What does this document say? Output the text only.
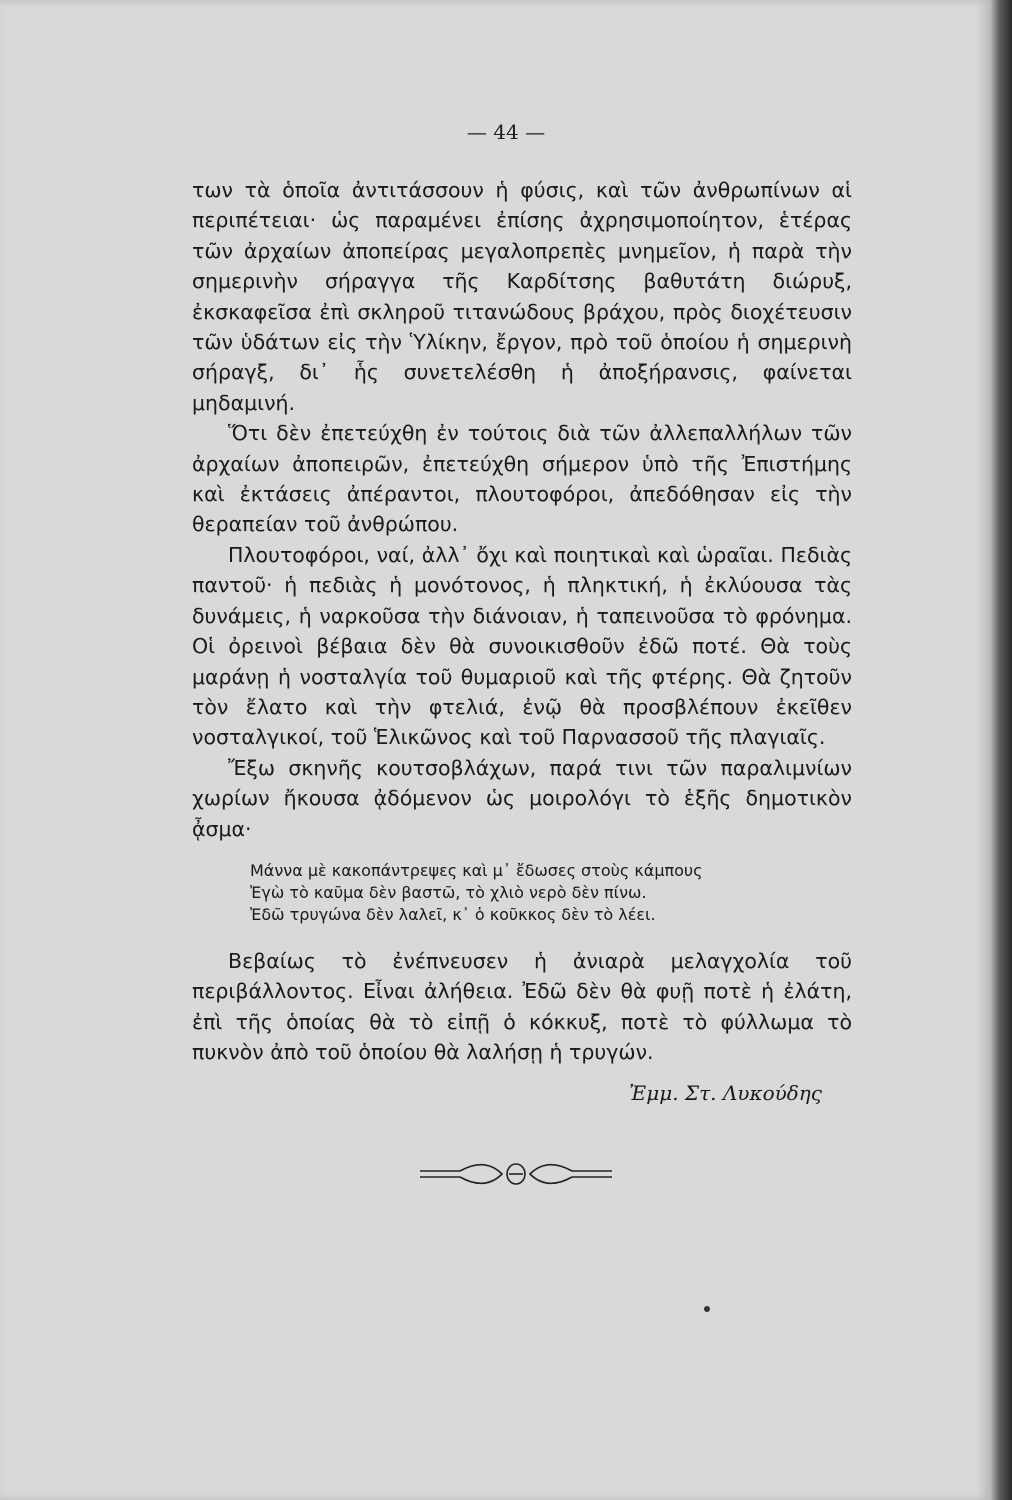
— 44 —

των τὰ ὁποῖα ἀντιτάσσουν ἡ φύσις, καὶ τῶν ἀνθρωπίνων αἱ περιπέτειαι· ὡς παραμένει ἐπίσης ἀχρησιμοποίητον, ἑτέρας τῶν ἀρχαίων ἀποπείρας μεγαλοπρεπὲς μνημεῖον, ἡ παρὰ τὴν σημερινὴν σήραγγα τῆς Καρδίτσης βαθυτάτη διώρυξ, ἐκσκαφεῖσα ἐπὶ σκληροῦ τιτανώδους βράχου, πρὸς διοχέτευσιν τῶν ὑδάτων εἰς τὴν Ὑλίκην, ἔργον, πρὸ τοῦ ὁποίου ἡ σημερινὴ σήραγξ, δι᾽ ἧς συνετελέσθη ἡ ἀποξήρανσις, φαίνεται μηδαμινή.

Ὅτι δὲν ἐπετεύχθη ἐν τούτοις διὰ τῶν ἀλλεπαλλήλων τῶν ἀρχαίων ἀποπειρῶν, ἐπετεύχθη σήμερον ὑπὸ τῆς Ἐπιστήμης καὶ ἐκτάσεις ἀπέραντοι, πλουτοφόροι, ἀπεδόθησαν εἰς τὴν θεραπείαν τοῦ ἀνθρώπου.

Πλουτοφόροι, ναί, ἀλλ᾽ ὄχι καὶ ποιητικαὶ καὶ ὡραῖαι. Πεδιὰς παντοῦ· ἡ πεδιὰς ἡ μονότονος, ἡ πληκτική, ἡ ἐκλύουσα τὰς δυνάμεις, ἡ ναρκοῦσα τὴν διάνοιαν, ἡ ταπεινοῦσα τὸ φρόνημα. Οἱ ὀρεινοὶ βέβαια δὲν θὰ συνοικισθοῦν ἐδῶ ποτέ. Θὰ τοὺς μαράνῃ ἡ νοσταλγία τοῦ θυμαριοῦ καὶ τῆς φτέρης. Θὰ ζητοῦν τὸν ἔλατο καὶ τὴν φτελιά, ἐνῷ θὰ προσβλέπουν ἐκεῖθεν νοσταλγικοί, τοῦ Ἑλικῶνος καὶ τοῦ Παρνασσοῦ τῆς πλαγιαῖς.

Ἔξω σκηνῆς κουτσοβλάχων, παρά τινι τῶν παραλιμνίων χωρίων ἤκουσα ᾀδόμενον ὡς μοιρολόγι τὸ ἑξῆς δημοτικὸν ᾆσμα·

Μάννα μὲ κακοπάντρεψες καὶ μ᾽ ἔδωσες στοὺς κάμπους
Ἐγὼ τὸ καῦμα δὲν βαστῶ, τὸ χλιὸ νερὸ δὲν πίνω.
Ἐδῶ τρυγώνα δὲν λαλεῖ, κ᾽ ὁ κοῦκκος δὲν τὸ λέει.

Βεβαίως τὸ ἐνέπνευσεν ἡ ἀνιαρὰ μελαγχολία τοῦ περιβάλλοντος. Εἶναι ἀλήθεια. Ἐδῶ δὲν θὰ φυῇ ποτὲ ἡ ἐλάτη, ἐπὶ τῆς ὁποίας θὰ τὸ εἰπῇ ὁ κόκκυξ, ποτὲ τὸ φύλλωμα τὸ πυκνὸν ἀπὸ τοῦ ὁποίου θὰ λαλήσῃ ἡ τρυγών.

Ἐμμ. Στ. Λυκούδης
